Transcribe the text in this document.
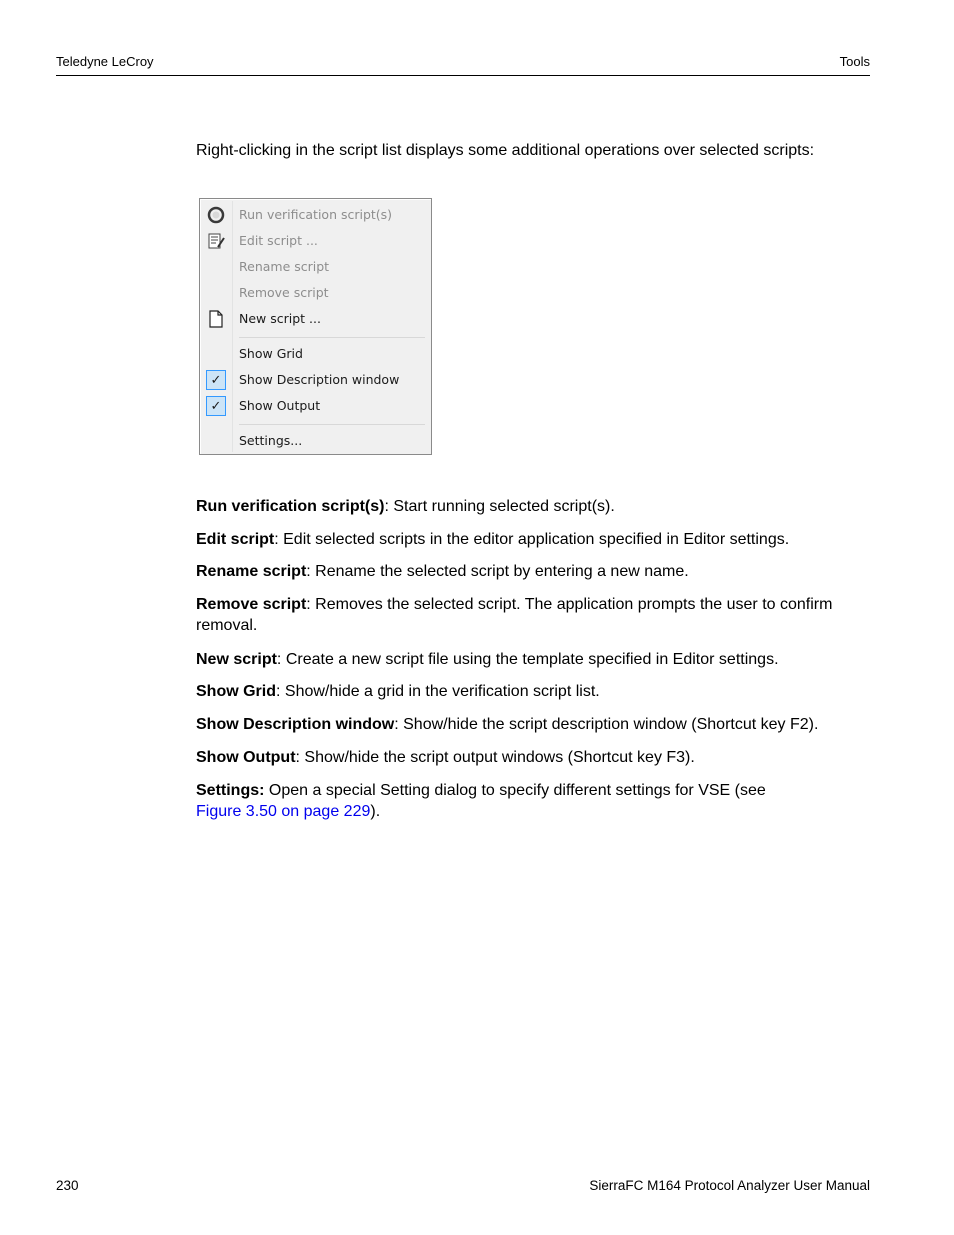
Teledyne LeCroy	Tools

Right-clicking in the script list displays some additional operations over selected scripts:

Run verification script(s)
Edit script ...
Rename script
Remove script
New script ...
Show Grid
✓	Show Description window
✓	Show Output
Settings...
Run verification script(s): Start running selected script(s).
Edit script: Edit selected scripts in the editor application specified in Editor settings.
Rename script: Rename the selected script by entering a new name.
Remove script: Removes the selected script. The application prompts the user to confirm removal.
New script: Create a new script file using the template specified in Editor settings.
Show Grid: Show/hide a grid in the verification script list.
Show Description window: Show/hide the script description window (Shortcut key F2).
Show Output: Show/hide the script output windows (Shortcut key F3).
Settings: Open a special Setting dialog to specify different settings for VSE (see
Figure 3.50 on page 229).
230	SierraFC M164 Protocol Analyzer User Manual
